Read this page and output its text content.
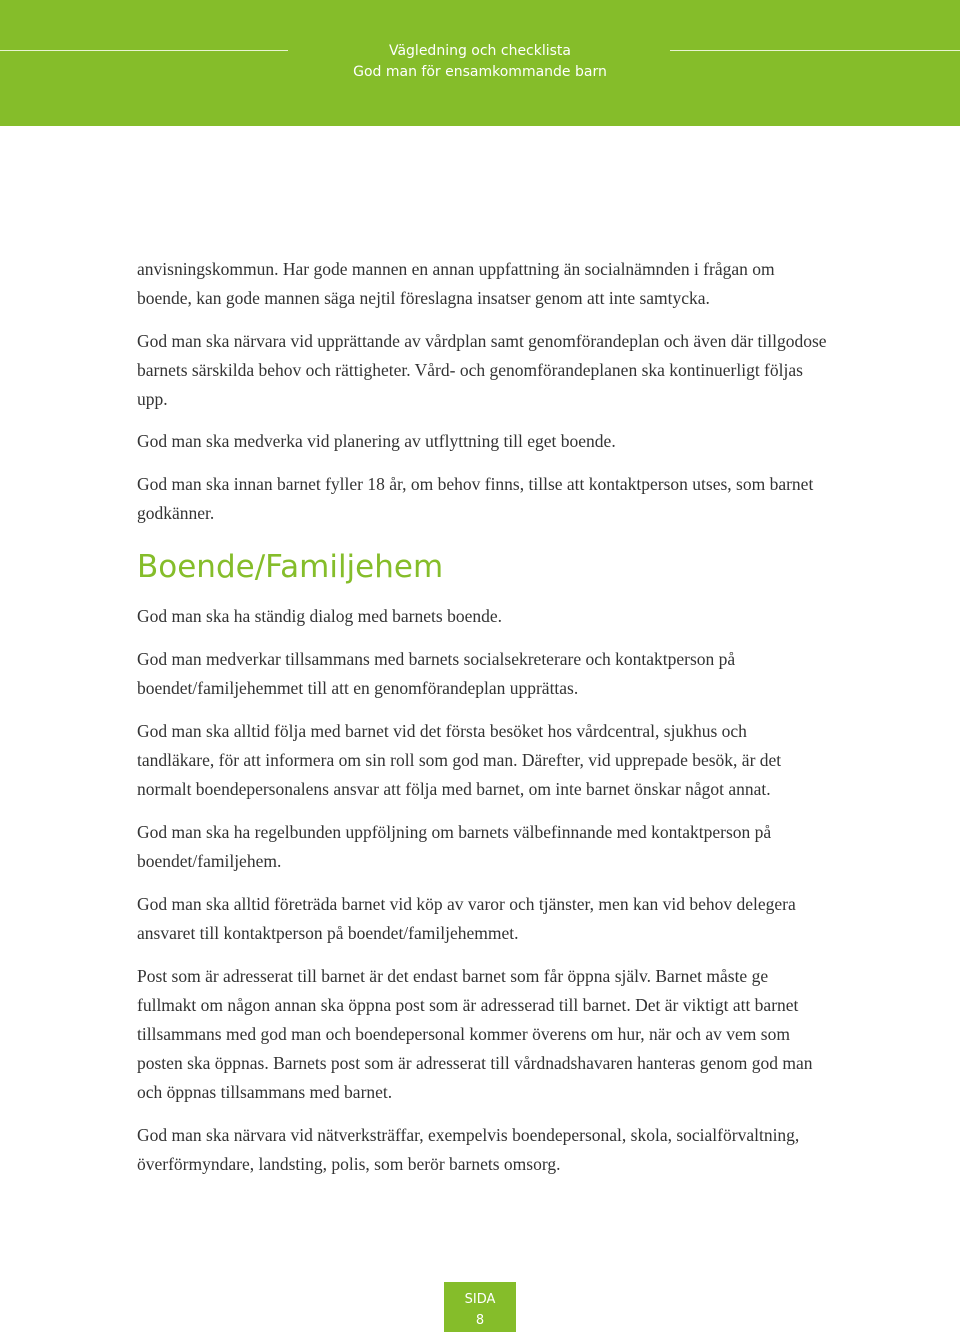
Vägledning och checklista
God man för ensamkommande barn

anvisningskommun. Har gode mannen en annan uppfattning än socialnämnden i frågan om boende, kan gode mannen säga nejtil föreslagna insatser genom att inte samtycka.

God man ska närvara vid upprättande av vårdplan samt genomförandeplan och även där tillgodose barnets särskilda behov och rättigheter. Vård- och genomförandeplanen ska kontinuerligt följas upp.

God man ska medverka vid planering av utflyttning till eget boende.

God man ska innan barnet fyller 18 år, om behov finns, tillse att kontaktperson utses, som barnet godkänner.

Boende/Familjehem

God man ska ha ständig dialog med barnets boende.

God man medverkar tillsammans med barnets socialsekreterare och kontaktperson på boendet/familjehemmet till att en genomförandeplan upprättas.

God man ska alltid följa med barnet vid det första besöket hos vårdcentral, sjukhus och tandläkare, för att informera om sin roll som god man. Därefter, vid upprepade besök, är det normalt boendepersonalens ansvar att följa med barnet, om inte barnet önskar något annat.

God man ska ha regelbunden uppföljning om barnets välbefinnande med kontaktperson på boendet/familjehem.

God man ska alltid företräda barnet vid köp av varor och tjänster, men kan vid behov delegera ansvaret till kontaktperson på boendet/familjehemmet.

Post som är adresserat till barnet är det endast barnet som får öppna själv. Barnet måste ge fullmakt om någon annan ska öppna post som är adresserad till barnet. Det är viktigt att barnet tillsammans med god man och boendepersonal kommer överens om hur, när och av vem som posten ska öppnas. Barnets post som är adresserat till vårdnadshavaren hanteras genom god man och öppnas tillsammans med barnet.

God man ska närvara vid nätverksträffar, exempelvis boendepersonal, skola, socialförvaltning, överförmyndare, landsting, polis, som berör barnets omsorg.

SIDA
8
